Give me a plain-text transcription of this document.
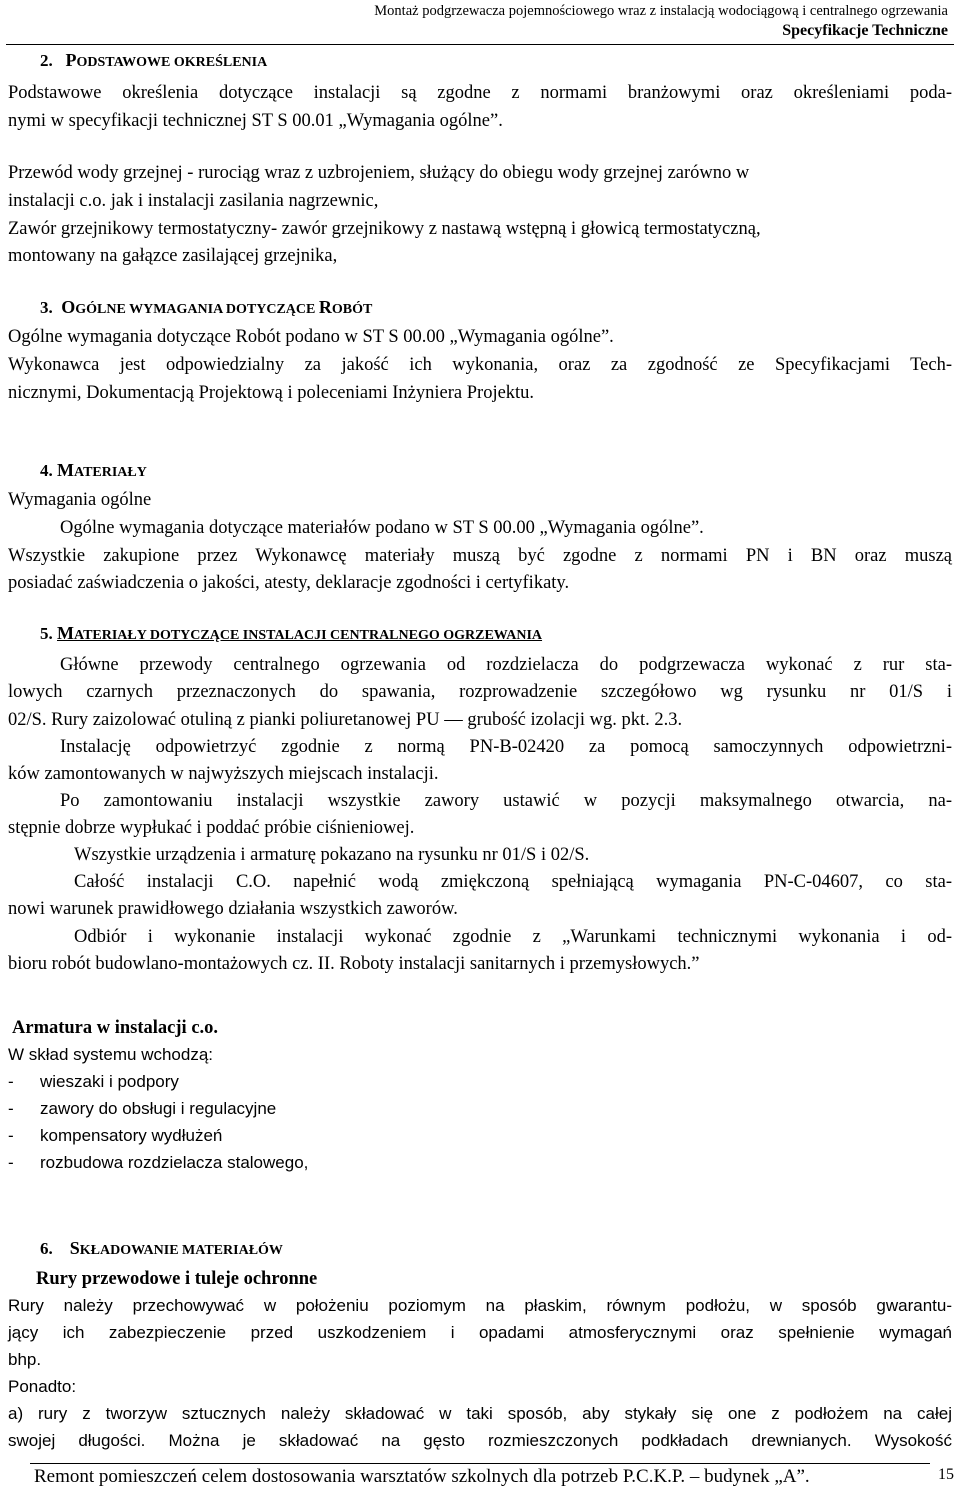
Montaż podgrzewacza pojemnościowego wraz z instalacją wodociągową i centralnego ogrzewania
Specyfikacje Techniczne
2. PODSTAWOWE OKREŚLENIA
Podstawowe określenia dotyczące instalacji są zgodne z normami branżowymi oraz określeniami poda-
nymi w specyfikacji technicznej ST S 00.01 „Wymagania ogólne”.
Przewód wody grzejnej - rurociąg wraz z uzbrojeniem, służący do obiegu wody grzejnej zarówno w
instalacji c.o. jak i instalacji zasilania nagrzewnic,
Zawór grzejnikowy termostatyczny- zawór grzejnikowy z nastawą wstępną i głowicą termostatyczną,
montowany na gałązce zasilającej grzejnika,
3. OGÓLNE WYMAGANIA DOTYCZĄCE ROBÓT
Ogólne wymagania dotyczące Robót podano w ST S 00.00 „Wymagania ogólne”.
Wykonawca jest odpowiedzialny za jakość ich wykonania, oraz za zgodność ze Specyfikacjami Tech-
nicznymi, Dokumentacją Projektową i poleceniami Inżyniera Projektu.
4. MATERIAŁY
Wymagania ogólne
Ogólne wymagania dotyczące materiałów podano w ST S 00.00 „Wymagania ogólne”.
Wszystkie zakupione przez Wykonawcę materiały muszą być zgodne z normami PN i BN oraz muszą
posiadać zaświadczenia o jakości, atesty, deklaracje zgodności i certyfikaty.
5. MATERIAŁY DOTYCZĄCE INSTALACJI CENTRALNEGO OGRZEWANIA
Główne przewody centralnego ogrzewania od rozdzielacza do podgrzewacza wykonać z rur sta-
lowych czarnych przeznaczonych do spawania, rozprowadzenie szczegółowo wg rysunku nr 01/S i
02/S. Rury zaizolować otuliną z pianki poliuretanowej PU — grubość izolacji wg. pkt. 2.3.
Instalację odpowietrzyć zgodnie z normą PN-B-02420 za pomocą samoczynnych odpowietrzni-
ków zamontowanych w najwyższych miejscach instalacji.
Po zamontowaniu instalacji wszystkie zawory ustawić w pozycji maksymalnego otwarcia, na-
stępnie dobrze wypłukać i poddać próbie ciśnieniowej.
Wszystkie urządzenia i armaturę pokazano na rysunku nr 01/S i 02/S.
Całość instalacji C.O. napełnić wodą zmiękczoną spełniającą wymagania PN-C-04607, co sta-
nowi warunek prawidłowego działania wszystkich zaworów.
Odbiór i wykonanie instalacji wykonać zgodnie z „Warunkami technicznymi wykonania i od-
bioru robót budowlano-montażowych cz. II. Roboty instalacji sanitarnych i przemysłowych.”
Armatura w instalacji c.o.
W skład systemu wchodzą:
- wieszaki i podpory
- zawory do obsługi i regulacyjne
- kompensatory wydłużeń
- rozbudowa rozdzielacza stalowego,
6. SKŁADOWANIE MATERIAŁÓW
Rury przewodowe i tuleje ochronne
Rury należy przechowywać w położeniu poziomym na płaskim, równym podłożu, w sposób gwarantu-
jący ich zabezpieczenie przed uszkodzeniem i opadami atmosferycznymi oraz spełnienie wymagań
bhp.
Ponadto:
a) rury z tworzyw sztucznych należy składować w taki sposób, aby stykały się one z podłożem na całej
swojej długości. Można je składować na gęsto rozmieszczonych podkładach drewnianych. Wysokość
Remont pomieszczeń celem dostosowania warsztatów szkolnych dla potrzeb P.C.K.P. – budynek „A”.	15
